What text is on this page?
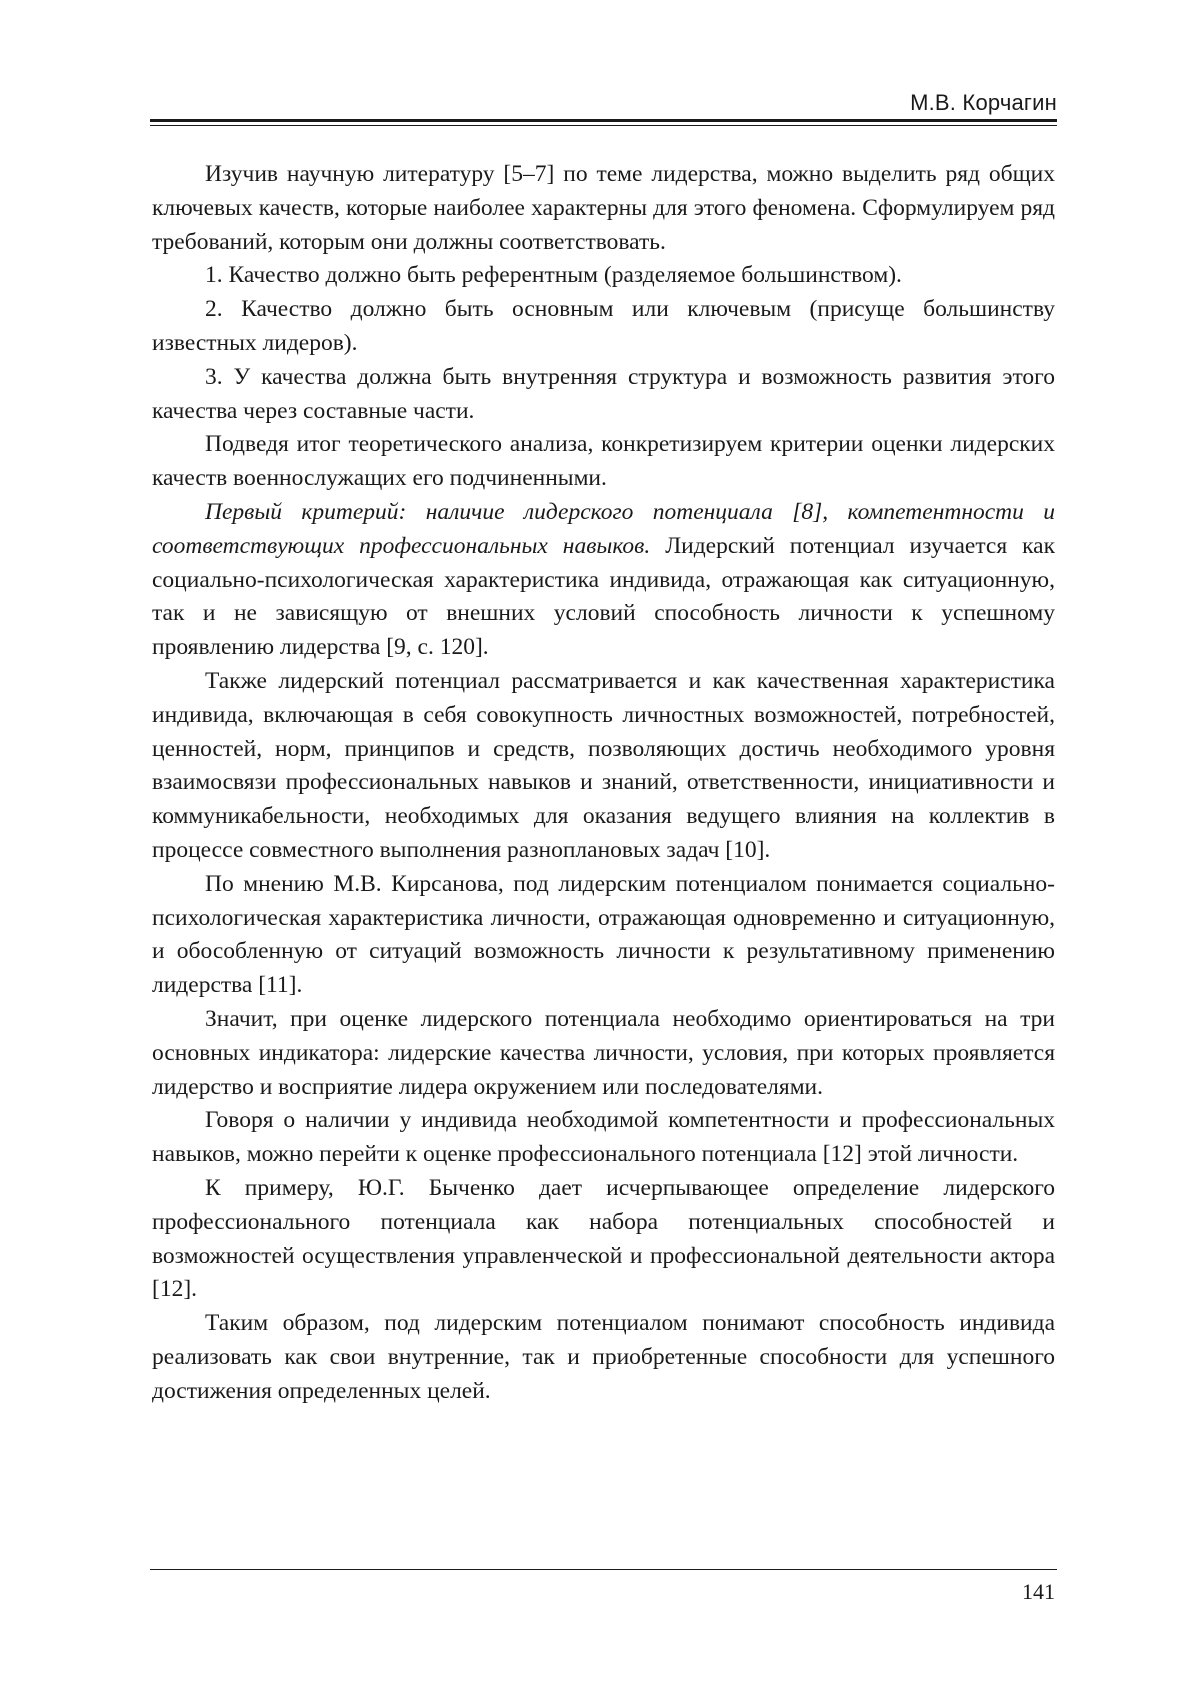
М.В. Корчагин

Изучив научную литературу [5–7] по теме лидерства, можно выделить ряд общих ключевых качеств, которые наиболее характерны для этого феномена. Сформулируем ряд требований, которым они должны соответствовать.

1. Качество должно быть референтным (разделяемое большинством).

2. Качество должно быть основным или ключевым (присуще большинству известных лидеров).

3. У качества должна быть внутренняя структура и возможность развития этого качества через составные части.

Подведя итог теоретического анализа, конкретизируем критерии оценки лидерских качеств военнослужащих его подчиненными.

Первый критерий: наличие лидерского потенциала [8], компетентности и соответствующих профессиональных навыков. Лидерский потенциал изучается как социально-психологическая характеристика индивида, отражающая как ситуационную, так и не зависящую от внешних условий способность личности к успешному проявлению лидерства [9, с. 120].

Также лидерский потенциал рассматривается и как качественная характеристика индивида, включающая в себя совокупность личностных возможностей, потребностей, ценностей, норм, принципов и средств, позволяющих достичь необходимого уровня взаимосвязи профессиональных навыков и знаний, ответственности, инициативности и коммуникабельности, необходимых для оказания ведущего влияния на коллектив в процессе совместного выполнения разноплановых задач [10].

По мнению М.В. Кирсанова, под лидерским потенциалом понимается социально-психологическая характеристика личности, отражающая одновременно и ситуационную, и обособленную от ситуаций возможность личности к результативному применению лидерства [11].

Значит, при оценке лидерского потенциала необходимо ориентироваться на три основных индикатора: лидерские качества личности, условия, при которых проявляется лидерство и восприятие лидера окружением или последователями.

Говоря о наличии у индивида необходимой компетентности и профессиональных навыков, можно перейти к оценке профессионального потенциала [12] этой личности.

К примеру, Ю.Г. Быченко дает исчерпывающее определение лидерского профессионального потенциала как набора потенциальных способностей и возможностей осуществления управленческой и профессиональной деятельности актора [12].

Таким образом, под лидерским потенциалом понимают способность индивида реализовать как свои внутренние, так и приобретенные способности для успешного достижения определенных целей.

141
